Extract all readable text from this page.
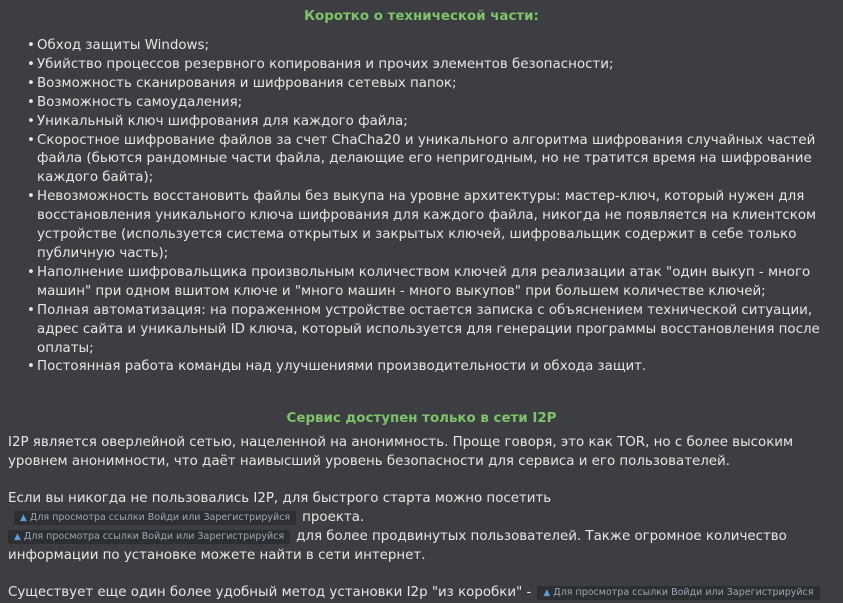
Коротко о технической части:
• Обход защиты Windows;
• Убийство процессов резервного копирования и прочих элементов безопасности;
• Возможность сканирования и шифрования сетевых папок;
• Возможность самоудаления;
• Уникальный ключ шифрования для каждого файла;
• Скоростное шифрование файлов за счет ChaCha20 и уникального алгоритма шифрования случайных частей файла (бьются рандомные части файла, делающие его непригодным, но не тратится время на шифрование каждого байта);
• Невозможность восстановить файлы без выкупа на уровне архитектуры: мастер-ключ, который нужен для восстановления уникального ключа шифрования для каждого файла, никогда не появляется на клиентском устройстве (используется система открытых и закрытых ключей, шифровальщик содержит в себе только публичную часть);
• Наполнение шифровальщика произвольным количеством ключей для реализации атак "один выкуп - много машин" при одном вшитом ключе и "много машин - много выкупов" при большем количестве ключей;
• Полная автоматизация: на пораженном устройстве остается записка с объяснением технической ситуации, адрес сайта и уникальный ID ключа, который используется для генерации программы восстановления после оплаты;
• Постоянная работа команды над улучшениями производительности и обхода защит.
Сервис доступен только в сети I2P

I2P является оверлейной сетью, нацеленной на анонимность. Проще говоря, это как TOR, но с более высоким уровнем анонимности, что даёт наивысший уровень безопасности для сервиса и его пользователей.

Если вы никогда не пользовались I2P, для быстрого старта можно посетить▲ Для просмотра ссылки Войди или Зарегистрируйся проекта.
▲ Для просмотра ссылки Войди или Зарегистрируйся для более продвинутых пользователей. Также огромное количество информации по установке можете найти в сети интернет.

Существует еще один более удобный метод установки I2p "из коробки" - ▲ Для просмотра ссылки Войди или Зарегистрируйся
